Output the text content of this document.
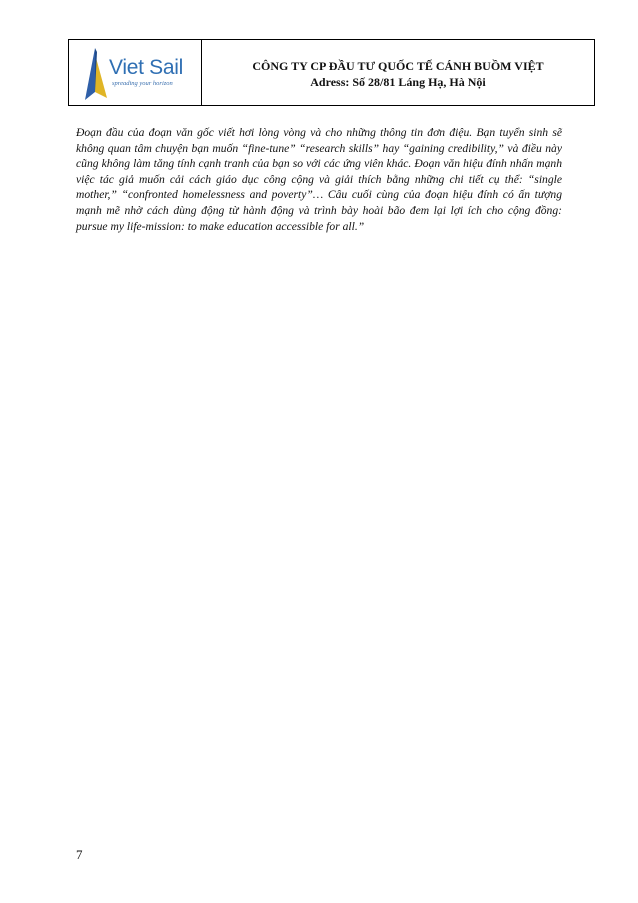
Viet Sail
spreading your horizon
CÔNG TY CP ĐẦU TƯ QUỐC TẾ CÁNH BUỒM VIỆT
Adress: Số 28/81 Láng Hạ, Hà Nội

Đoạn đầu của đoạn văn gốc viết hơi lòng vòng và cho những thông tin đơn điệu. Bạn tuyển sinh sẽ không quan tâm chuyện bạn muốn “fine-tune” “research skills” hay “gaining credibility,” và điều này cũng không làm tăng tính cạnh tranh của bạn so với các ứng viên khác. Đoạn văn hiệu đính nhấn mạnh việc tác giả muốn cải cách giáo dục công cộng và giải thích bằng những chi tiết cụ thể: “single mother,” “confronted homelessness and poverty”… Câu cuối cùng của đoạn hiệu đính có ấn tượng mạnh mẽ nhờ cách dùng động từ hành động và trình bày hoài bão đem lại lợi ích cho cộng đồng: pursue my life-mission: to make education accessible for all.”

7
